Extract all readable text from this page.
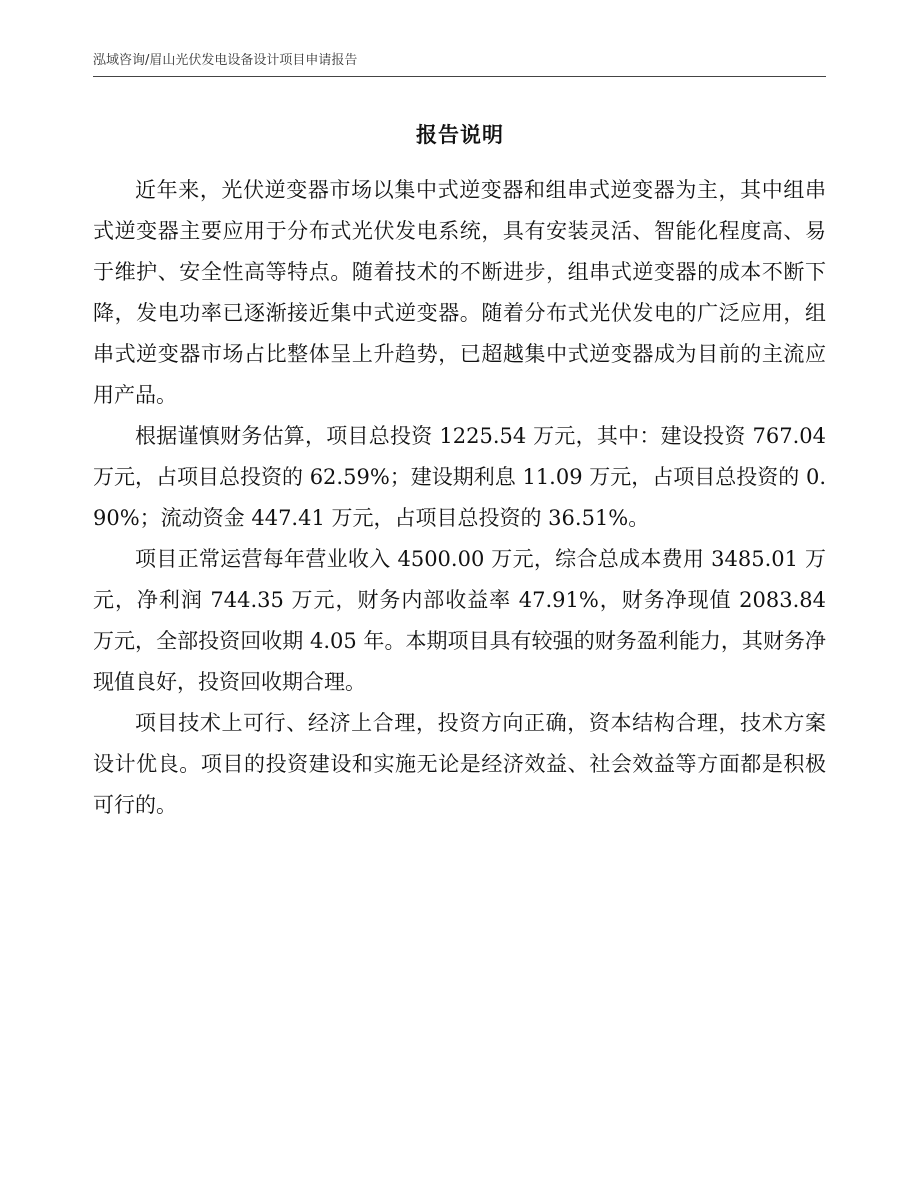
泓域咨询/眉山光伏发电设备设计项目申请报告
报告说明

近年来，光伏逆变器市场以集中式逆变器和组串式逆变器为主，其中组串式逆变器主要应用于分布式光伏发电系统，具有安装灵活、智能化程度高、易于维护、安全性高等特点。随着技术的不断进步，组串式逆变器的成本不断下降，发电功率已逐渐接近集中式逆变器。随着分布式光伏发电的广泛应用，组串式逆变器市场占比整体呈上升趋势，已超越集中式逆变器成为目前的主流应用产品。

根据谨慎财务估算，项目总投资 1225.54 万元，其中：建设投资 767.04 万元，占项目总投资的 62.59%；建设期利息 11.09 万元，占项目总投资的 0.90%；流动资金 447.41 万元，占项目总投资的 36.51%。

项目正常运营每年营业收入 4500.00 万元，综合总成本费用 3485.01 万元，净利润 744.35 万元，财务内部收益率 47.91%，财务净现值 2083.84 万元，全部投资回收期 4.05 年。本期项目具有较强的财务盈利能力，其财务净现值良好，投资回收期合理。

项目技术上可行、经济上合理，投资方向正确，资本结构合理，技术方案设计优良。项目的投资建设和实施无论是经济效益、社会效益等方面都是积极可行的。
